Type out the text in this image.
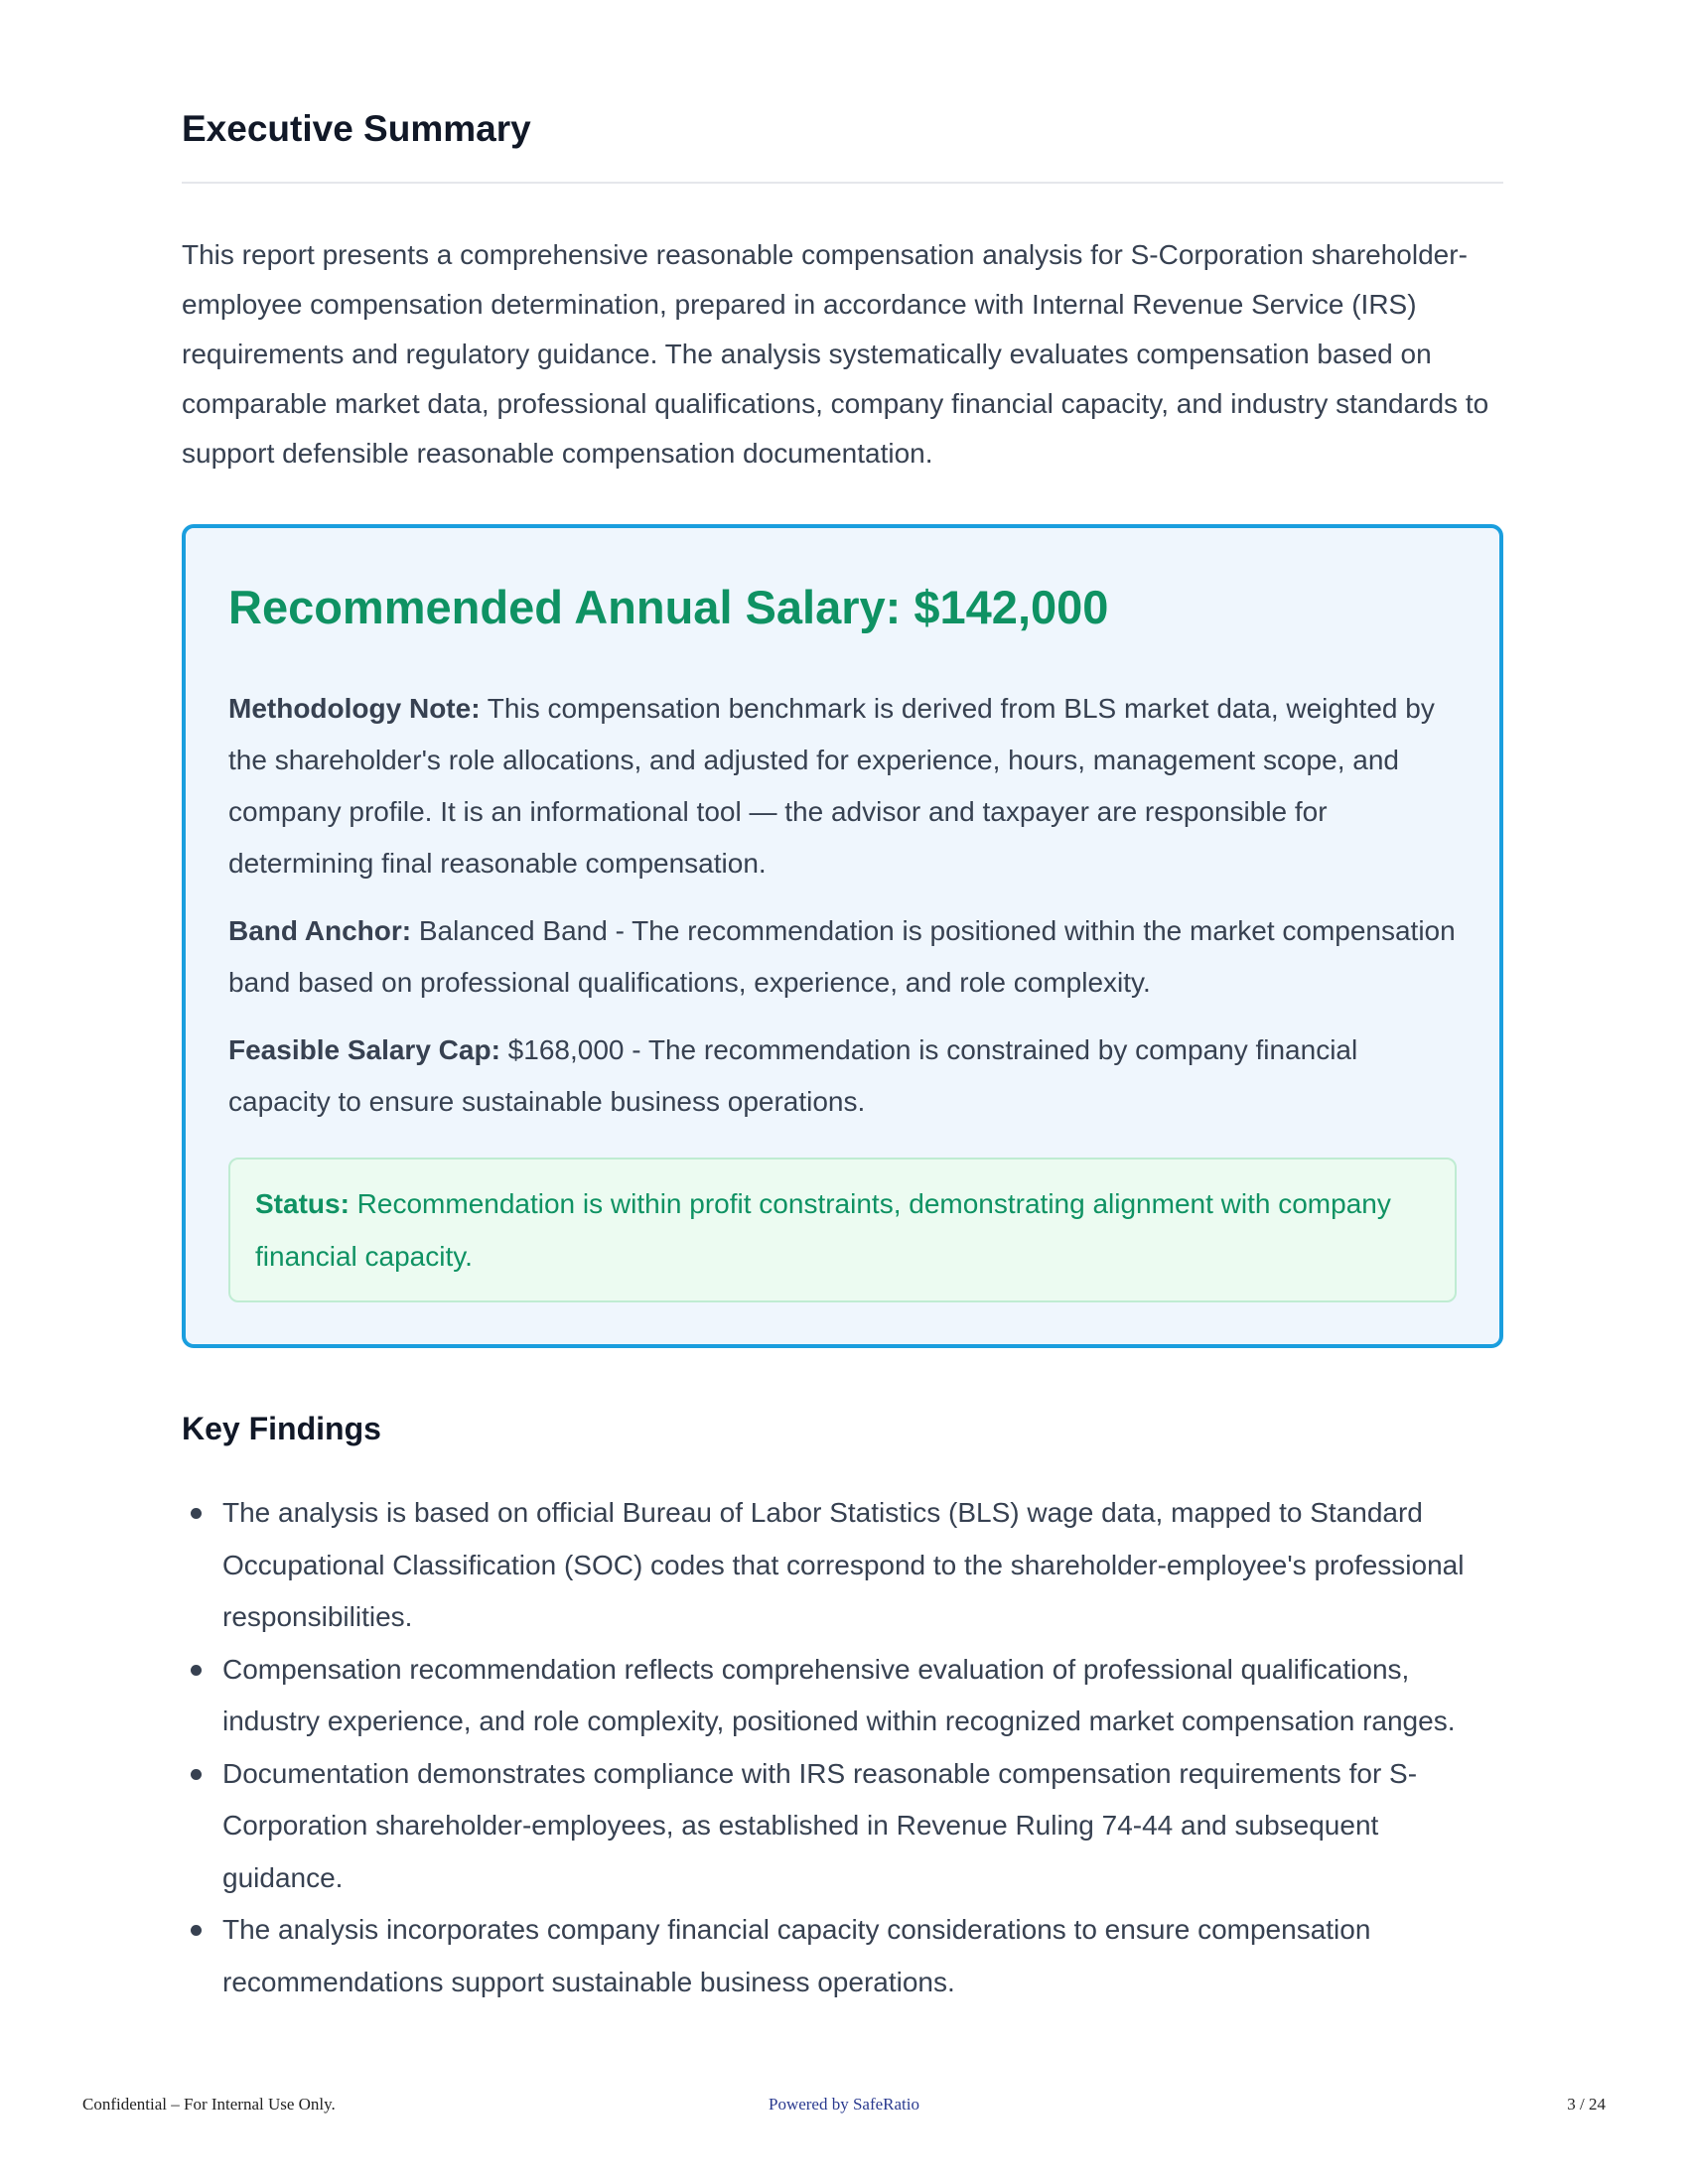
Executive Summary

This report presents a comprehensive reasonable compensation analysis for S-Corporation shareholder-employee compensation determination, prepared in accordance with Internal Revenue Service (IRS) requirements and regulatory guidance. The analysis systematically evaluates compensation based on comparable market data, professional qualifications, company financial capacity, and industry standards to support defensible reasonable compensation documentation.

Recommended Annual Salary: $142,000

Methodology Note: This compensation benchmark is derived from BLS market data, weighted by the shareholder's role allocations, and adjusted for experience, hours, management scope, and company profile. It is an informational tool — the advisor and taxpayer are responsible for determining final reasonable compensation.

Band Anchor: Balanced Band - The recommendation is positioned within the market compensation band based on professional qualifications, experience, and role complexity.

Feasible Salary Cap: $168,000 - The recommendation is constrained by company financial capacity to ensure sustainable business operations.

Status: Recommendation is within profit constraints, demonstrating alignment with company financial capacity.
Key Findings
The analysis is based on official Bureau of Labor Statistics (BLS) wage data, mapped to Standard Occupational Classification (SOC) codes that correspond to the shareholder-employee's professional responsibilities.
Compensation recommendation reflects comprehensive evaluation of professional qualifications, industry experience, and role complexity, positioned within recognized market compensation ranges.
Documentation demonstrates compliance with IRS reasonable compensation requirements for S-Corporation shareholder-employees, as established in Revenue Ruling 74-44 and subsequent guidance.
The analysis incorporates company financial capacity considerations to ensure compensation recommendations support sustainable business operations.
Confidential – For Internal Use Only.	Powered by SafeRatio	3 / 24
